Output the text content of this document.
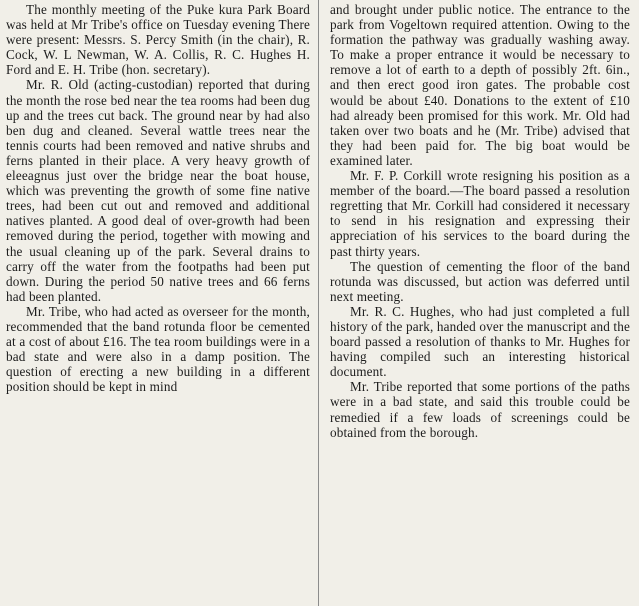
The monthly meeting of the Puke kura Park Board was held at Mr Tribe's office on Tuesday evening There were present: Messrs. S. Percy Smith (in the chair), R. Cock, W. L Newman, W. A. Collis, R. C. Hughes H. Ford and E. H. Tribe (hon. secretary).

Mr. R. Old (acting-custodian) reported that during the month the rose bed near the tea rooms had been dug up and the trees cut back. The ground near by had also ben dug and cleaned. Several wattle trees near the tennis courts had been removed and native shrubs and ferns planted in their place. A very heavy growth of eleeagnus just over the bridge near the boat house, which was preventing the growth of some fine native trees, had been cut out and removed and additional natives planted. A good deal of over-growth had been removed during the period, together with mowing and the usual cleaning up of the park. Several drains to carry off the water from the footpaths had been put down. During the period 50 native trees and 66 ferns had been planted.

Mr. Tribe, who had acted as overseer for the month, recommended that the band rotunda floor be cemented at a cost of about £16. The tea room buildings were in a bad state and were also in a damp position. The question of erecting a new building in a different position should be kept in mind

and brought under public notice. The entrance to the park from Vogeltown required attention. Owing to the formation the pathway was gradually washing away. To make a proper entrance it would be necessary to remove a lot of earth to a depth of possibly 2ft. 6in., and then erect good iron gates. The probable cost would be about £40. Donations to the extent of £10 had already been promised for this work. Mr. Old had taken over two boats and he (Mr. Tribe) advised that they had been paid for. The big boat would be examined later.

Mr. F. P. Corkill wrote resigning his position as a member of the board.—The board passed a resolution regretting that Mr. Corkill had considered it necessary to send in his resignation and expressing their appreciation of his services to the board during the past thirty years.

The question of cementing the floor of the band rotunda was discussed, but action was deferred until next meeting.

Mr. R. C. Hughes, who had just completed a full history of the park, handed over the manuscript and the board passed a resolution of thanks to Mr. Hughes for having compiled such an interesting historical document.

Mr. Tribe reported that some portions of the paths were in a bad state, and said this trouble could be remedied if a few loads of screenings could be obtained from the borough.
